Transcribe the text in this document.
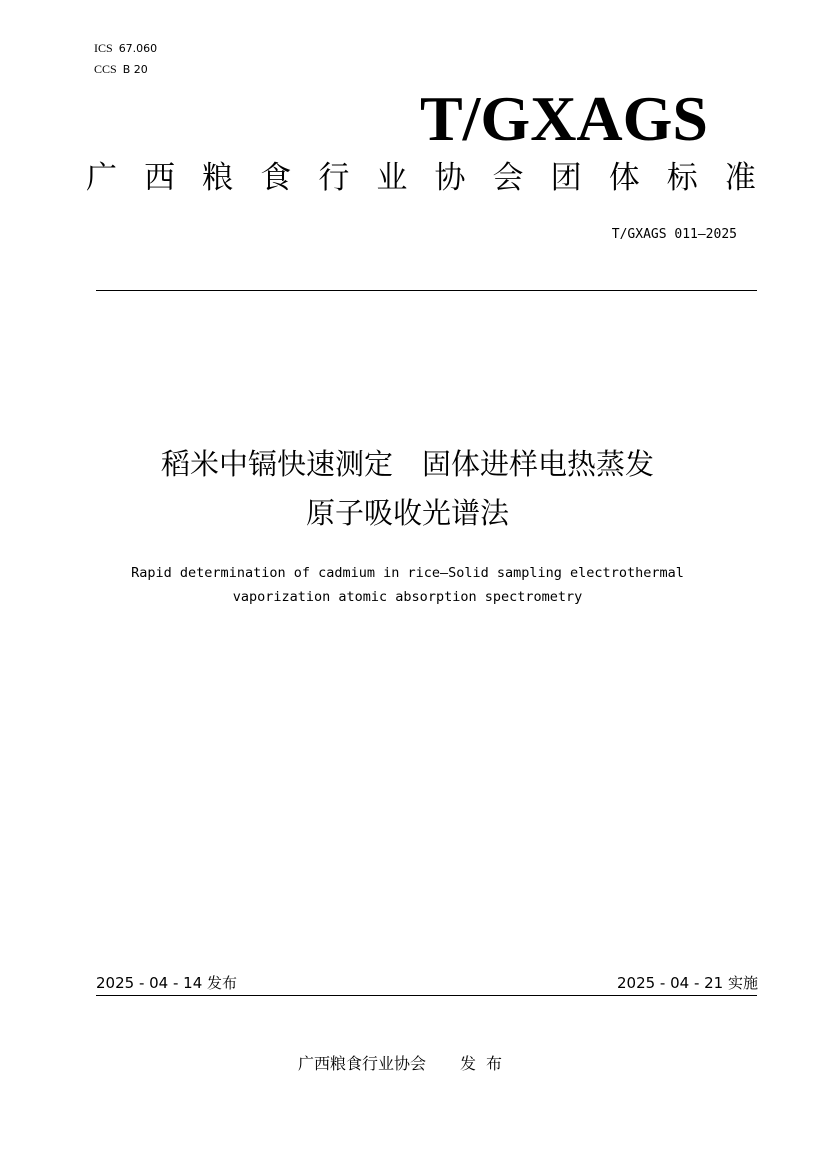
ICS 67.060
CCS B 20
T/GXAGS
广 西 粮 食 行 业 协 会 团 体 标 准
T/GXAGS 011—2025
稻米中镉快速测定　固体进样电热蒸发
原子吸收光谱法
Rapid determination of cadmium in rice—Solid sampling electrothermal
vaporization atomic absorption spectrometry
2025 - 04 - 14 发布	2025 - 04 - 21 实施
广西粮食行业协会 发布
